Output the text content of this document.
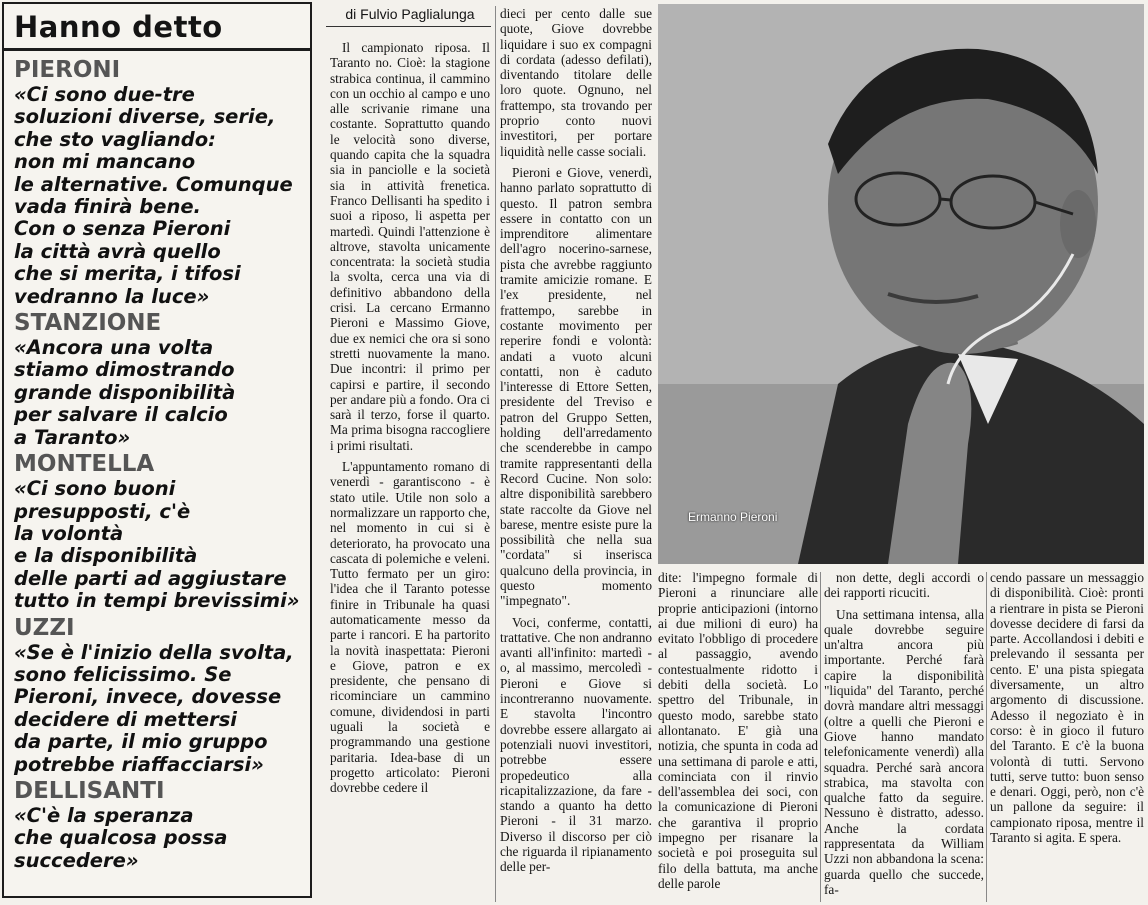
Hanno detto
PIERONI
«Ci sono due-tre
soluzioni diverse, serie,
che sto vagliando:
non mi mancano
le alternative. Comunque
vada finirà bene.
Con o senza Pieroni
la città avrà quello
che si merita, i tifosi
vedranno la luce»
STANZIONE
«Ancora una volta
stiamo dimostrando
grande disponibilità
per salvare il calcio
a Taranto»
MONTELLA
«Ci sono buoni
presupposti, c'è
la volontà
e la disponibilità
delle parti ad aggiustare
tutto in tempi brevissimi»
UZZI
«Se è l'inizio della svolta,
sono felicissimo. Se
Pieroni, invece, dovesse
decidere di mettersi
da parte, il mio gruppo
potrebbe riaffacciarsi»
DELLISANTI
«C'è la speranza
che qualcosa possa
succedere»
di Fulvio Paglialunga

Il campionato riposa. Il Taranto no. Cioè: la stagione strabica continua, il cammino con un occhio al campo e uno alle scrivanie rimane una costante. Soprattutto quando le velocità sono diverse, quando capita che la squadra sia in panciolle e la società sia in attività frenetica. Franco Dellisanti ha spedito i suoi a riposo, li aspetta per martedì. Quindi l'attenzione è altrove, stavolta unicamente concentrata: la società studia la svolta, cerca una via di definitivo abbandono della crisi. La cercano Ermanno Pieroni e Massimo Giove, due ex nemici che ora si sono stretti nuovamente la mano. Due incontri: il primo per capirsi e partire, il secondo per andare più a fondo. Ora ci sarà il terzo, forse il quarto. Ma prima bisogna raccogliere i primi risultati.

L'appuntamento romano di venerdì - garantiscono - è stato utile. Utile non solo a normalizzare un rapporto che, nel momento in cui si è deteriorato, ha provocato una cascata di polemiche e veleni. Tutto fermato per un giro: l'idea che il Taranto potesse finire in Tribunale ha quasi automaticamente messo da parte i rancori. E ha partorito la novità inaspettata: Pieroni e Giove, patron e ex presidente, che pensano di ricominciare un cammino comune, dividendosi in parti uguali la società e programmando una gestione paritaria. Idea-base di un progetto articolato: Pieroni dovrebbe cedere il

dieci per cento dalle sue quote, Giove dovrebbe liquidare i suo ex compagni di cordata (adesso defilati), diventando titolare delle loro quote. Ognuno, nel frattempo, sta trovando per proprio conto nuovi investitori, per portare liquidità nelle casse sociali.

Pieroni e Giove, venerdì, hanno parlato soprattutto di questo. Il patron sembra essere in contatto con un imprenditore alimentare dell'agro nocerino-sarnese, pista che avrebbe raggiunto tramite amicizie romane. E l'ex presidente, nel frattempo, sarebbe in costante movimento per reperire fondi e volontà: andati a vuoto alcuni contatti, non è caduto l'interesse di Ettore Setten, presidente del Treviso e patron del Gruppo Setten, holding dell'arredamento che scenderebbe in campo tramite rappresentanti della Record Cucine. Non solo: altre disponibilità sarebbero state raccolte da Giove nel barese, mentre esiste pure la possibilità che nella sua "cordata" si inserisca qualcuno della provincia, in questo momento "impegnato".

Voci, conferme, contatti, trattative. Che non andranno avanti all'infinito: martedì - o, al massimo, mercoledì - Pieroni e Giove si incontreranno nuovamente. E stavolta l'incontro dovrebbe essere allargato ai potenziali nuovi investitori, potrebbe essere propedeutico alla ricapitalizzazione, da fare - stando a quanto ha detto Pieroni - il 31 marzo. Diverso il discorso per ciò che riguarda il ripianamento delle per-

Ermanno Pieroni

dite: l'impegno formale di Pieroni a rinunciare alle proprie anticipazioni (intorno ai due milioni di euro) ha evitato l'obbligo di procedere al passaggio, avendo contestualmente ridotto i debiti della società. Lo spettro del Tribunale, in questo modo, sarebbe stato allontanato. E' già una notizia, che spunta in coda ad una settimana di parole e atti, cominciata con il rinvio dell'assemblea dei soci, con la comunicazione di Pieroni che garantiva il proprio impegno per risanare la società e poi proseguita sul filo della battuta, ma anche delle parole

non dette, degli accordi o dei rapporti ricuciti.

Una settimana intensa, alla quale dovrebbe seguire un'altra ancora più importante. Perché farà capire la disponibilità "liquida" del Taranto, perché dovrà mandare altri messaggi (oltre a quelli che Pieroni e Giove hanno mandato telefonicamente venerdì) alla squadra. Perché sarà ancora strabica, ma stavolta con qualche fatto da seguire. Nessuno è distratto, adesso. Anche la cordata rappresentata da William Uzzi non abbandona la scena: guarda quello che succede, fa-

cendo passare un messaggio di disponibilità. Cioè: pronti a rientrare in pista se Pieroni dovesse decidere di farsi da parte. Accollandosi i debiti e prelevando il sessanta per cento. E' una pista spiegata diversamente, un altro argomento di discussione. Adesso il negoziato è in corso: è in gioco il futuro del Taranto. E c'è la buona volontà di tutti. Servono tutti, serve tutto: buon senso e denari. Oggi, però, non c'è un pallone da seguire: il campionato riposa, mentre il Taranto si agita. E spera.
